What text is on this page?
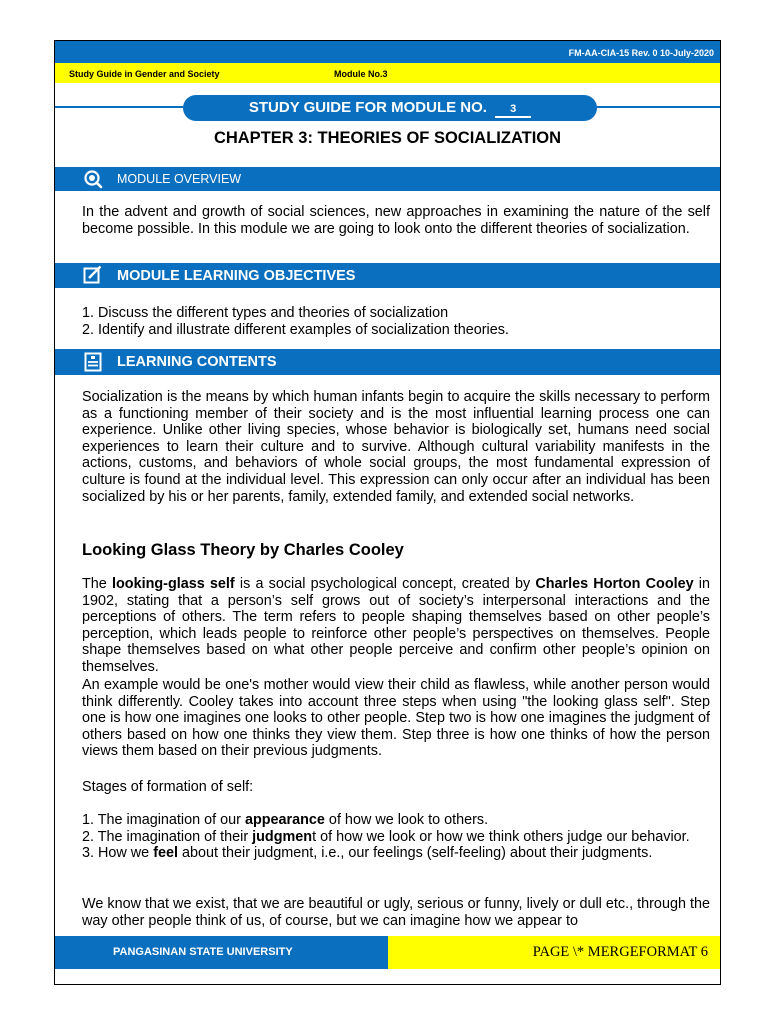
FM-AA-CIA-15 Rev. 0 10-July-2020
Study Guide in Gender and Society	Module No.3
STUDY GUIDE FOR MODULE NO. 3
CHAPTER 3: THEORIES OF SOCIALIZATION
MODULE OVERVIEW
In the advent and growth of social sciences, new approaches in examining the nature of the self become possible. In this module we are going to look onto the different theories of socialization.
MODULE LEARNING OBJECTIVES
1. Discuss the different types and theories of socialization
2. Identify and illustrate different examples of socialization theories.
LEARNING CONTENTS
Socialization is the means by which human infants begin to acquire the skills necessary to perform as a functioning member of their society and is the most influential learning process one can experience. Unlike other living species, whose behavior is biologically set, humans need social experiences to learn their culture and to survive. Although cultural variability manifests in the actions, customs, and behaviors of whole social groups, the most fundamental expression of culture is found at the individual level. This expression can only occur after an individual has been socialized by his or her parents, family, extended family, and extended social networks.
Looking Glass Theory by Charles Cooley
The looking-glass self is a social psychological concept, created by Charles Horton Cooley in 1902, stating that a person’s self grows out of society’s interpersonal interactions and the perceptions of others. The term refers to people shaping themselves based on other people’s perception, which leads people to reinforce other people’s perspectives on themselves. People shape themselves based on what other people perceive and confirm other people’s opinion on themselves.
An example would be one's mother would view their child as flawless, while another person would think differently. Cooley takes into account three steps when using "the looking glass self". Step one is how one imagines one looks to other people. Step two is how one imagines the judgment of others based on how one thinks they view them. Step three is how one thinks of how the person views them based on their previous judgments.
Stages of formation of self:
1. The imagination of our appearance of how we look to others.
2. The imagination of their judgment of how we look or how we think others judge our behavior.
3. How we feel about their judgment, i.e., our feelings (self-feeling) about their judgments.
We know that we exist, that we are beautiful or ugly, serious or funny, lively or dull etc., through the way other people think of us, of course, but we can imagine how we appear to
PANGASINAN STATE UNIVERSITY	PAGE \* MERGEFORMAT 6
